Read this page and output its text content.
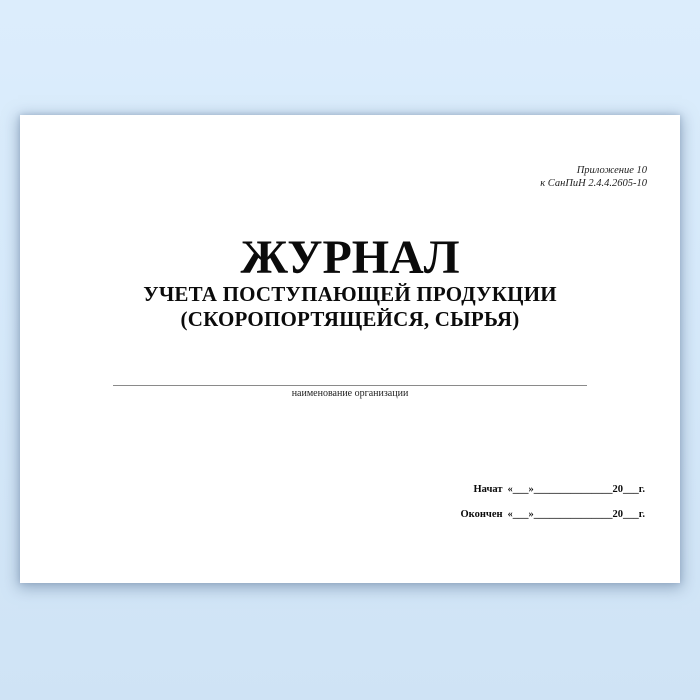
Приложение 10
к СанПиН 2.4.4.2605-10
ЖУРНАЛ
УЧЕТА ПОСТУПАЮЩЕЙ ПРОДУКЦИИ
(СКОРОПОРТЯЩЕЙСЯ, СЫРЬЯ)
наименование организации
Начат «___»_______________20___г.
Окончен «___»_______________20___г.
